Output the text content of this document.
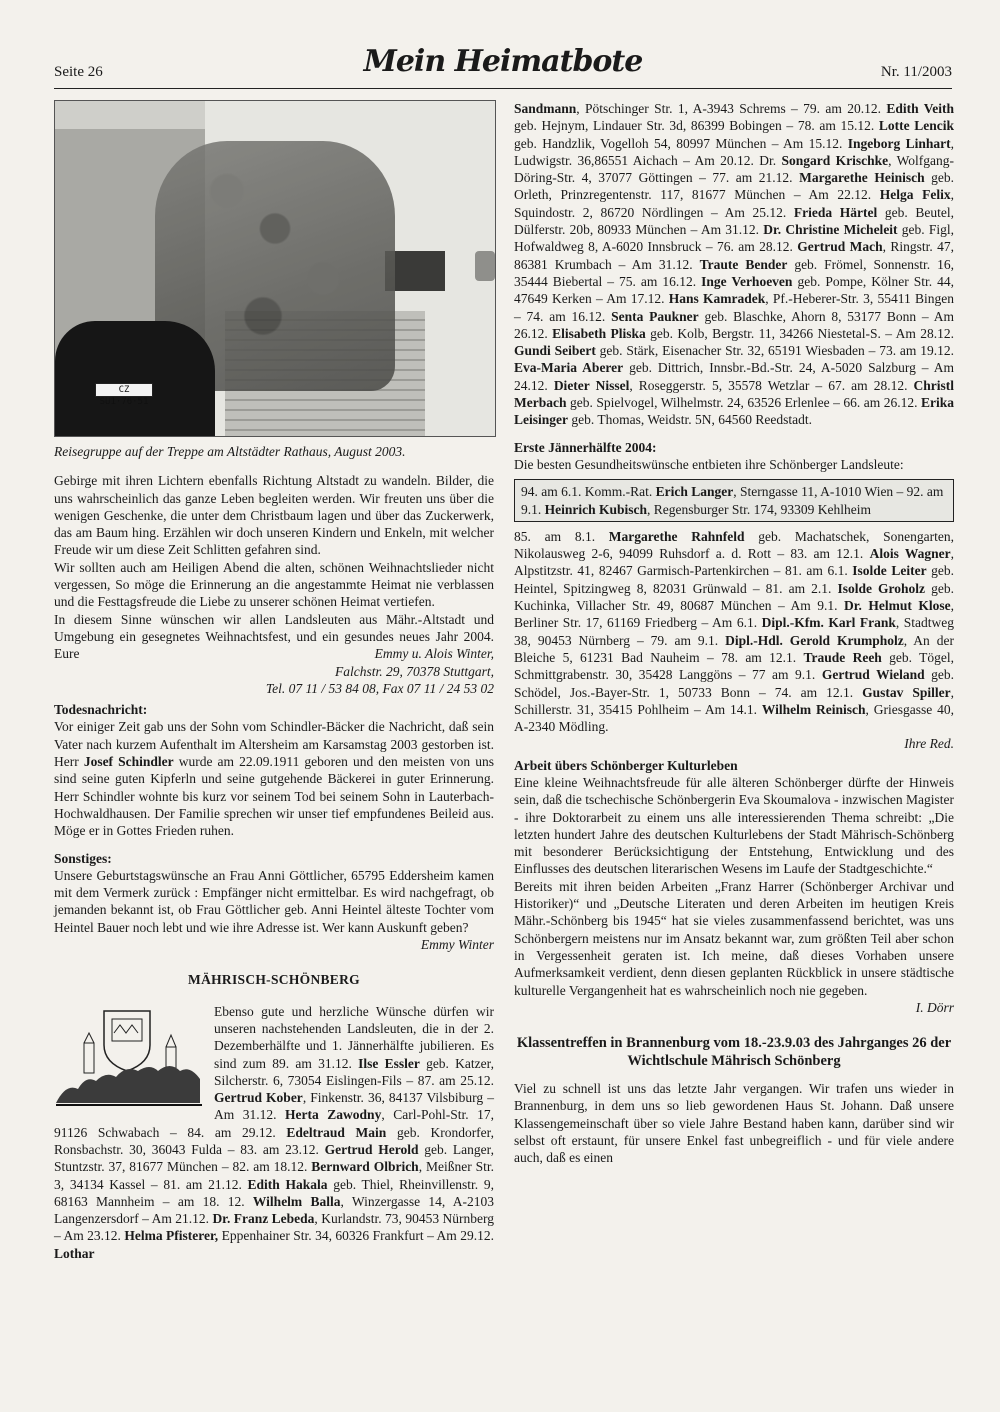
Seite 26	Mein Heimatbote	Nr. 11/2003
CZ SU1·76·51

Reisegruppe auf der Treppe am Altstädter Rathaus, August 2003.

Gebirge mit ihren Lichtern ebenfalls Richtung Altstadt zu wandeln. Bilder, die uns wahrscheinlich das ganze Leben begleiten werden. Wir freuten uns über die wenigen Geschenke, die unter dem Christbaum lagen und über das Zuckerwerk, das am Baum hing. Erzählen wir doch unseren Kindern und Enkeln, mit welcher Freude wir um diese Zeit Schlitten gefahren sind.

Wir sollten auch am Heiligen Abend die alten, schönen Weihnachtslieder nicht vergessen, So möge die Erinnerung an die angestammte Heimat nie verblassen und die Festtagsfreude die Liebe zu unserer schönen Heimat vertiefen.

In diesem Sinne wünschen wir allen Landsleuten aus Mähr.-Altstadt und Umgebung ein gesegnetes Weihnachtsfest, und ein gesundes neues Jahr 2004. Eure	Emmy u. Alois Winter,

Falchstr. 29, 70378 Stuttgart,

Tel. 07 11 / 53 84 08, Fax 07 11 / 24 53 02

Todesnachricht:

Vor einiger Zeit gab uns der Sohn vom Schindler-Bäcker die Nachricht, daß sein Vater nach kurzem Aufenthalt im Altersheim am Karsamstag 2003 gestorben ist. Herr Josef Schindler wurde am 22.09.1911 geboren und den meisten von uns sind seine guten Kipferln und seine gutgehende Bäckerei in guter Erinnerung. Herr Schindler wohnte bis kurz vor seinem Tod bei seinem Sohn in Lauterbach-Hochwaldhausen. Der Familie sprechen wir unser tief empfundenes Beileid aus. Möge er in Gottes Frieden ruhen.

Sonstiges:

Unsere Geburtstagswünsche an Frau Anni Göttlicher, 65795 Eddersheim kamen mit dem Vermerk zurück : Empfänger nicht ermittelbar. Es wird nachgefragt, ob jemanden bekannt ist, ob Frau Göttlicher geb. Anni Heintel älteste Tochter vom Heintel Bauer noch lebt und wie ihre Adresse ist. Wer kann Auskunft geben?

Emmy Winter

MÄHRISCH-SCHÖNBERG

Ebenso gute und herzliche Wünsche dürfen wir unseren nachstehenden Landsleuten, die in der 2. Dezemberhälfte und 1. Jännerhälfte jubilieren. Es sind zum 89. am 31.12. Ilse Essler geb. Katzer, Silcherstr. 6, 73054 Eislingen-Fils – 87. am 25.12. Gertrud Kober, Finkenstr. 36, 84137 Vilsbiburg – Am 31.12. Herta Zawodny, Carl-Pohl-Str. 17, 91126 Schwabach – 84. am 29.12. Edeltraud Main geb. Krondorfer, Ronsbachstr. 30, 36043 Fulda – 83. am 23.12. Gertrud Herold geb. Langer, Stuntzstr. 37, 81677 München – 82. am 18.12. Bernward Olbrich, Meißner Str. 3, 34134 Kassel – 81. am 21.12. Edith Hakala geb. Thiel, Rheinvillenstr. 9, 68163 Mannheim – am 18. 12. Wilhelm Balla, Winzergasse 14, A-2103 Langenzersdorf – Am 21.12. Dr. Franz Lebeda, Kurlandstr. 73, 90453 Nürnberg – Am 23.12. Helma Pfisterer, Eppenhainer Str. 34, 60326 Frankfurt – Am 29.12. Lothar

Sandmann, Pötschinger Str. 1, A-3943 Schrems – 79. am 20.12. Edith Veith geb. Hejnym, Lindauer Str. 3d, 86399 Bobingen – 78. am 15.12. Lotte Lencik geb. Handzlik, Vogelloh 54, 80997 München – Am 15.12. Ingeborg Linhart, Ludwigstr. 36,86551 Aichach – Am 20.12. Dr. Songard Krischke, Wolfgang-Döring-Str. 4, 37077 Göttingen – 77. am 21.12. Margarethe Heinisch geb. Orleth, Prinzregentenstr. 117, 81677 München – Am 22.12. Helga Felix, Squindostr. 2, 86720 Nördlingen – Am 25.12. Frieda Härtel geb. Beutel, Dülferstr. 20b, 80933 München – Am 31.12. Dr. Christine Micheleit geb. Figl, Hofwaldweg 8, A-6020 Innsbruck – 76. am 28.12. Gertrud Mach, Ringstr. 47, 86381 Krumbach – Am 31.12. Traute Bender geb. Frömel, Sonnenstr. 16, 35444 Biebertal – 75. am 16.12. Inge Verhoeven geb. Pompe, Kölner Str. 44, 47649 Kerken – Am 17.12. Hans Kamradek, Pf.-Heberer-Str. 3, 55411 Bingen – 74. am 16.12. Senta Paukner geb. Blaschke, Ahorn 8, 53177 Bonn – Am 26.12. Elisabeth Pliska geb. Kolb, Bergstr. 11, 34266 Niestetal-S. – Am 28.12. Gundi Seibert geb. Stärk, Eisenacher Str. 32, 65191 Wiesbaden – 73. am 19.12. Eva-Maria Aberer geb. Dittrich, Innsbr.-Bd.-Str. 24, A-5020 Salzburg – Am 24.12. Dieter Nissel, Roseggerstr. 5, 35578 Wetzlar – 67. am 28.12. Christl Merbach geb. Spielvogel, Wilhelmstr. 24, 63526 Erlenlee – 66. am 26.12. Erika Leisinger geb. Thomas, Weidstr. 5N, 64560 Reedstadt.

Erste Jännerhälfte 2004:

Die besten Gesundheitswünsche entbieten ihre Schönberger Landsleute:

94. am 6.1. Komm.-Rat. Erich Langer, Sterngasse 11, A-1010 Wien – 92. am 9.1. Heinrich Kubisch, Regensburger Str. 174, 93309 Kehlheim

85. am 8.1. Margarethe Rahnfeld geb. Machatschek, Sonengarten, Nikolausweg 2-6, 94099 Ruhsdorf a. d. Rott – 83. am 12.1. Alois Wagner, Alpstitzstr. 41, 82467 Garmisch-Partenkirchen – 81. am 6.1. Isolde Leiter geb. Heintel, Spitzingweg 8, 82031 Grünwald – 81. am 2.1. Isolde Groholz geb. Kuchinka, Villacher Str. 49, 80687 München – Am 9.1. Dr. Helmut Klose, Berliner Str. 17, 61169 Friedberg – Am 6.1. Dipl.-Kfm. Karl Frank, Stadtweg 38, 90453 Nürnberg – 79. am 9.1. Dipl.-Hdl. Gerold Krumpholz, An der Bleiche 5, 61231 Bad Nauheim – 78. am 12.1. Traude Reeh geb. Tögel, Schmittgrabenstr. 30, 35428 Langgöns – 77 am 9.1. Gertrud Wieland geb. Schödel, Jos.-Bayer-Str. 1, 50733 Bonn – 74. am 12.1. Gustav Spiller, Schillerstr. 31, 35415 Pohlheim – Am 14.1. Wilhelm Reinisch, Griesgasse 40, A-2340 Mödling.

Ihre Red.

Arbeit übers Schönberger Kulturleben

Eine kleine Weihnachtsfreude für alle älteren Schönberger dürfte der Hinweis sein, daß die tschechische Schönbergerin Eva Skoumalova - inzwischen Magister - ihre Doktorarbeit zu einem uns alle interessierenden Thema schreibt: „Die letzten hundert Jahre des deutschen Kulturlebens der Stadt Mährisch-Schönberg mit besonderer Berücksichtigung der Entstehung, Entwicklung und des Einflusses des deutschen literarischen Wesens im Laufe der Stadtgeschichte.“

Bereits mit ihren beiden Arbeiten „Franz Harrer (Schönberger Archivar und Historiker)“ und „Deutsche Literaten und deren Arbeiten im heutigen Kreis Mähr.-Schönberg bis 1945“ hat sie vieles zusammenfassend berichtet, was uns Schönbergern meistens nur im Ansatz bekannt war, zum größten Teil aber schon in Vergessenheit geraten ist. Ich meine, daß dieses Vorhaben unsere Aufmerksamkeit verdient, denn diesen geplanten Rückblick in unsere städtische kulturelle Vergangenheit hat es wahrscheinlich noch nie gegeben.

I. Dörr

Klassentreffen in Brannenburg vom 18.-23.9.03 des Jahrganges 26 der Wichtlschule Mährisch Schönberg

Viel zu schnell ist uns das letzte Jahr vergangen. Wir trafen uns wieder in Brannenburg, in dem uns so lieb gewordenen Haus St. Johann. Daß unsere Klassengemeinschaft über so viele Jahre Bestand haben kann, darüber sind wir selbst oft erstaunt, für unsere Enkel fast unbegreiflich - und für viele andere auch, daß es einen
